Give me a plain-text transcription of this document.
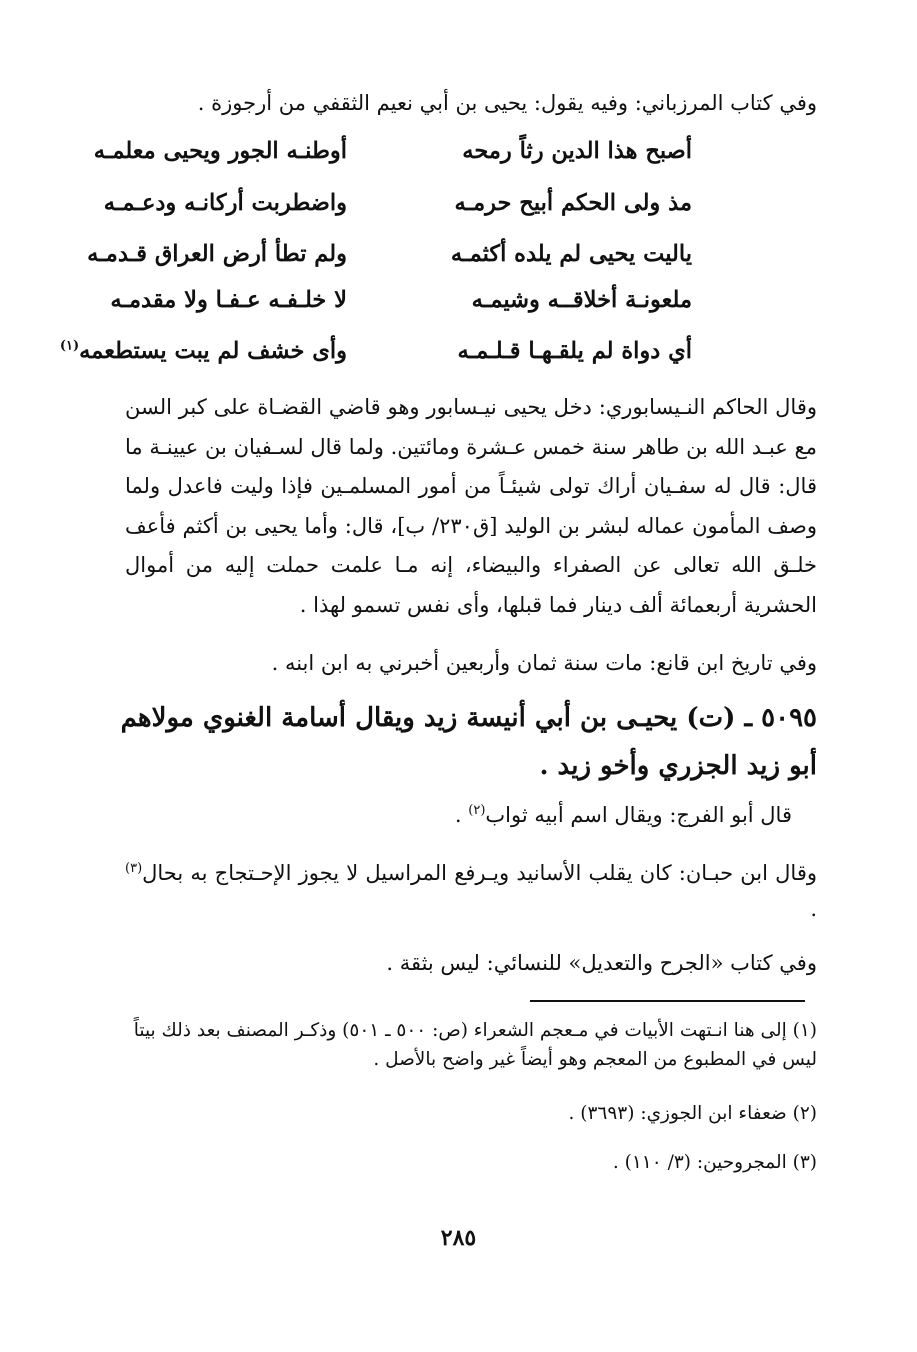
وفي كتاب المرزباني: وفيه يقول: يحيى بن أبي نعيم الثقفي من أرجوزة .
أصبح هذا الدين رثاً رمحه
أوطنـه الجور ويحيى معلمـه
مذ ولى الحكم أبيح حرمـه
واضطربت أركانـه ودعـمـه
ياليت يحيى لم يلده أكثمـه
ولم تطأ أرض العراق قـدمـه
ملعونـة أخلاقــه وشيمـه
لا خلـفـه عـفـا ولا مقدمـه
أي دواة لم يلقـهـا قـلـمـه
وأى خشف لم يبت يستطعمه$^{(١)}$
وقال الحاكم النـيسابوري: دخل يحيى نيـسابور وهو قاضي القضـاة على كبر السن مع عبـد الله بن طاهر سنة خمس عـشرة ومائتين. ولما قال لسـفيان بن عيينـة ما قال: قال له سفـيان أراك تولى شيئـاً من أمور المسلمـين فإذا وليت فاعدل ولما وصف المأمون عماله لبشر بن الوليد [ق٢٣٠/ ب]، قال: وأما يحيى بن أكثم فأعف خلـق الله تعالى عن الصفراء والبيضاء، إنه مـا علمت حملت إليه من أموال الحشرية أربعمائة ألف دينار فما قبلها، وأى نفس تسمو لهذا .
وفي تاريخ ابن قانع: مات سنة ثمان وأربعين أخبرني به ابن ابنه .
٥٠٩٥ ـ (ت) يحيـى بن أبي أنيسة زيد ويقال أسامة الغنوي مولاهم أبو زيد الجزري وأخو زيد .
قال أبو الفرج: ويقال اسم أبيه ثواب$^{(٢)}$ .
وقال ابن حبـان: كان يقلب الأسانيد ويـرفع المراسيل لا يجوز الإحـتجاج به بحال$^{(٣)}$ .
وفي كتاب «الجرح والتعديل» للنسائي: ليس بثقة .
(١) إلى هنا انـتهت الأبيات في مـعجم الشعراء (ص: ٥٠٠ ـ ٥٠١) وذكـر المصنف بعد ذلك بيتاً ليس في المطبوع من المعجم وهو أيضاً غير واضح بالأصل .
(٢) ضعفاء ابن الجوزي: (٣٦٩٣) .
(٣) المجروحين: (٣/ ١١٠) .
٢٨٥
